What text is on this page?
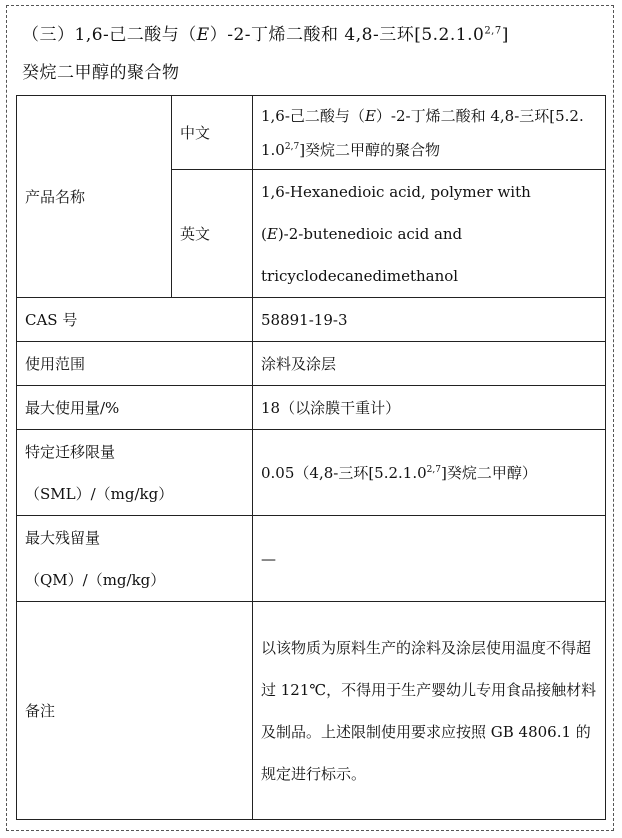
（三）1,6-己二酸与（E）-2-丁烯二酸和 4,8-三环[5.2.1.0$^{2,7}$]
癸烷二甲醇的聚合物
产品名称	中文	1,6-己二酸与（E）-2-丁烯二酸和 4,8-三环[5.2.1.0$^{2,7}$]癸烷二甲醇的聚合物
	英文	1,6-Hexanedioic acid, polymer with
(E)-2-butenedioic acid and
tricyclodecanedimethanol

CAS 号		58891-19-3
使用范围		涂料及涂层
最大使用量/%		18（以涂膜干重计）

特定迁移限量
（SML）/（mg/kg）		0.05（4,8-三环[5.2.1.0$^{2,7}$]癸烷二甲醇）

最大残留量
（QM）/（mg/kg）		—
备注		以该物质为原料生产的涂料及涂层使用温度不得超过 121℃，不得用于生产婴幼儿专用食品接触材料及制品。上述限制使用要求应按照 GB 4806.1 的规定进行标示。
